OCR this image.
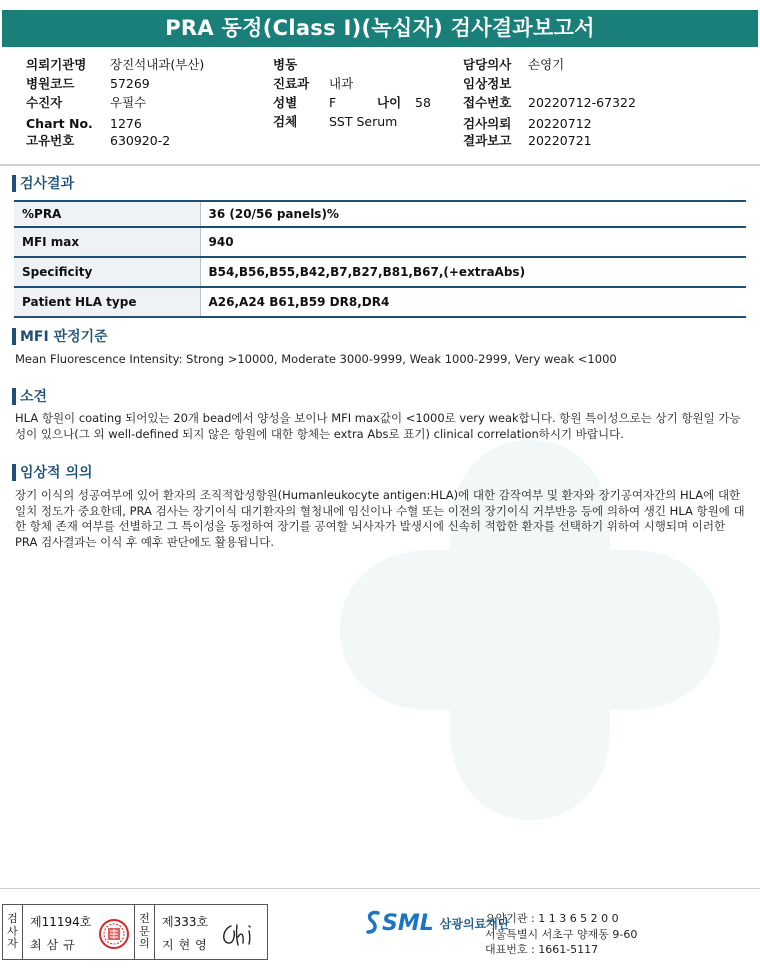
PRA 동정(Class I)(녹십자) 검사결과보고서
의뢰기관명 장진석내과(부산)
병원코드	57269
수진자	우필수
Chart No. 1276
고유번호	630920-2
병동
진료과 내과
성별	F	나이 58
검체	SST Serum
담당의사 손영기
임상정보
접수번호 20220712-67322
검사의뢰 20220712
결과보고 20220721
검사결과
%PRA	36 (20/56 panels)%
MFI max	940
Specificity	B54,B56,B55,B42,B7,B27,B81,B67,(+extraAbs)
Patient HLA type	A26,A24 B61,B59 DR8,DR4
MFI 판정기준
Mean Fluorescence Intensity: Strong >10000, Moderate 3000-9999, Weak 1000-2999, Very weak <1000
소견
HLA 항원이 coating 되어있는 20개 bead에서 양성을 보이나 MFI max값이 <1000로 very weak합니다. 항원 특이성으로는 상기 항원일 가능성이 있으나(그 외 well-defined 되지 않은 항원에 대한 항체는 extra Abs로 표기) clinical correlation하시기 바랍니다.
임상적 의의
장기 이식의 성공여부에 있어 환자의 조직적합성항원(Humanleukocyte antigen:HLA)에 대한 감작여부 및 환자와 장기공여자간의 HLA에 대한 일치 정도가 중요한데, PRA 검사는 장기이식 대기환자의 혈청내에 임신이나 수혈 또는 이전의 장기이식 거부반응 등에 의하여 생긴 HLA 항원에 대한 항체 존재 여부를 선별하고 그 특이성을 동정하여 장기를 공여할 뇌사자가 발생시에 신속히 적합한 환자를 선택하기 위하여 시행되며 이러한 PRA 검사결과는 이식 후 예후 판단에도 활용됩니다.
검
사
자
제11194호
최삼규
전
문
의
제333호
지현영
SML 삼광의료재단
요양기관 : 1 1 3 6 5 2 0 0
서울특별시 서초구 양재동 9-60
대표번호 : 1661-5117
